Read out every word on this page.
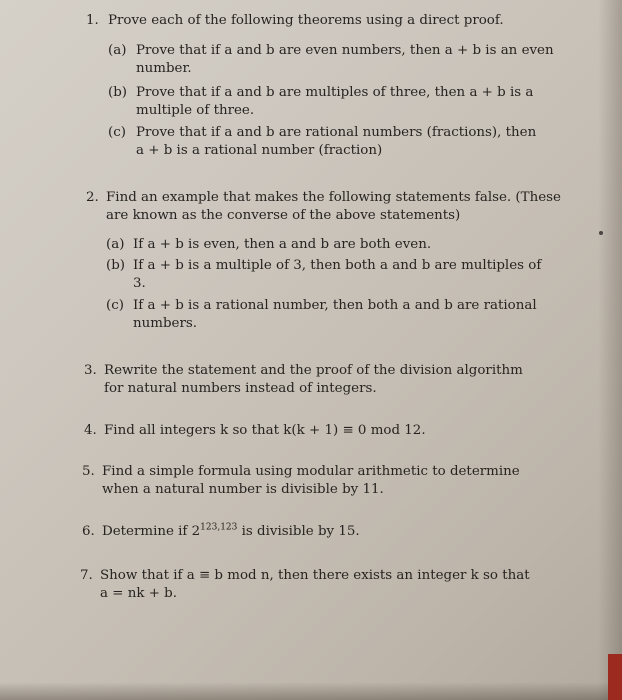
1. Prove each of the following theorems using a direct proof.
(a) Prove that if a and b are even numbers, then a + b is an even
number.
(b) Prove that if a and b are multiples of three, then a + b is a
multiple of three.
(c) Prove that if a and b are rational numbers (fractions), then
a + b is a rational number (fraction)
2. Find an example that makes the following statements false. (These
are known as the converse of the above statements)
(a) If a + b is even, then a and b are both even.
(b) If a + b is a multiple of 3, then both a and b are multiples of
3.
(c) If a + b is a rational number, then both a and b are rational
numbers.
3. Rewrite the statement and the proof of the division algorithm
for natural numbers instead of integers.
4. Find all integers k so that k(k + 1) ≡ 0 mod 12.
5. Find a simple formula using modular arithmetic to determine
when a natural number is divisible by 11.
6. Determine if 2$^{123,123}$ is divisible by 15.
7. Show that if a ≡ b mod n, then there exists an integer k so that
a = nk + b.
